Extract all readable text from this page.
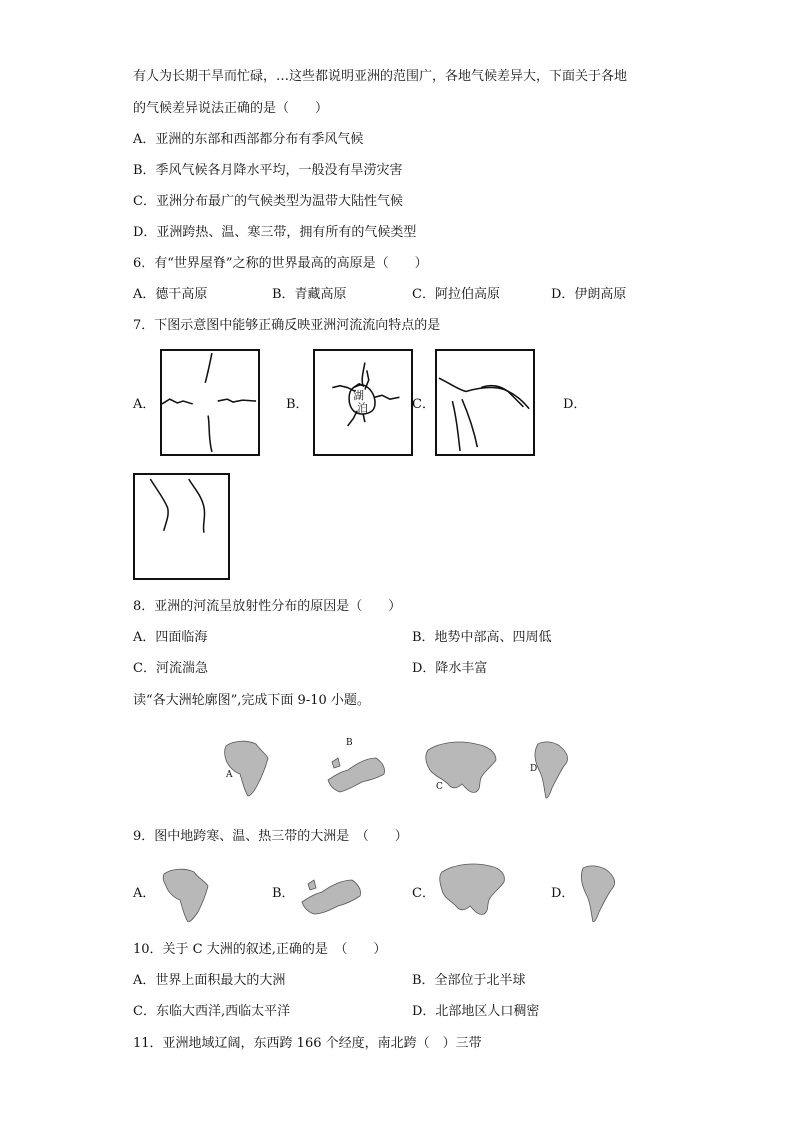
有人为长期干旱而忙碌，…这些都说明亚洲的范围广，各地气候差异大，下面关于各地
的气候差异说法正确的是（　　）
A．亚洲的东部和西部都分布有季风气候
B．季风气候各月降水平均，一般没有旱涝灾害
C．亚洲分布最广的气候类型为温带大陆性气候
D．亚洲跨热、温、寒三带，拥有所有的气候类型
6．有“世界屋脊”之称的世界最高的高原是（　　）
A．德干高原	B．青藏高原	C．阿拉伯高原	D．伊朗高原
7．下图示意图中能够正确反映亚洲河流流向特点的是
A．	B．
湖
泊	C．	D．
8．亚洲的河流呈放射性分布的原因是（　　）
A．四面临海	B．地势中部高、四周低
C．河流湍急	D．降水丰富
读“各大洲轮廓图”,完成下面 9-10 小题。
A
B
C
D
9．图中地跨寒、温、热三带的大洲是　（　　）
A．	B．	C．	D．
10．关于 C 大洲的叙述,正确的是　（　　）
A．世界上面积最大的大洲	B．全部位于北半球
C．东临大西洋,西临太平洋	D．北部地区人口稠密
11．亚洲地域辽阔，东西跨 166 个经度，南北跨（　）三带
